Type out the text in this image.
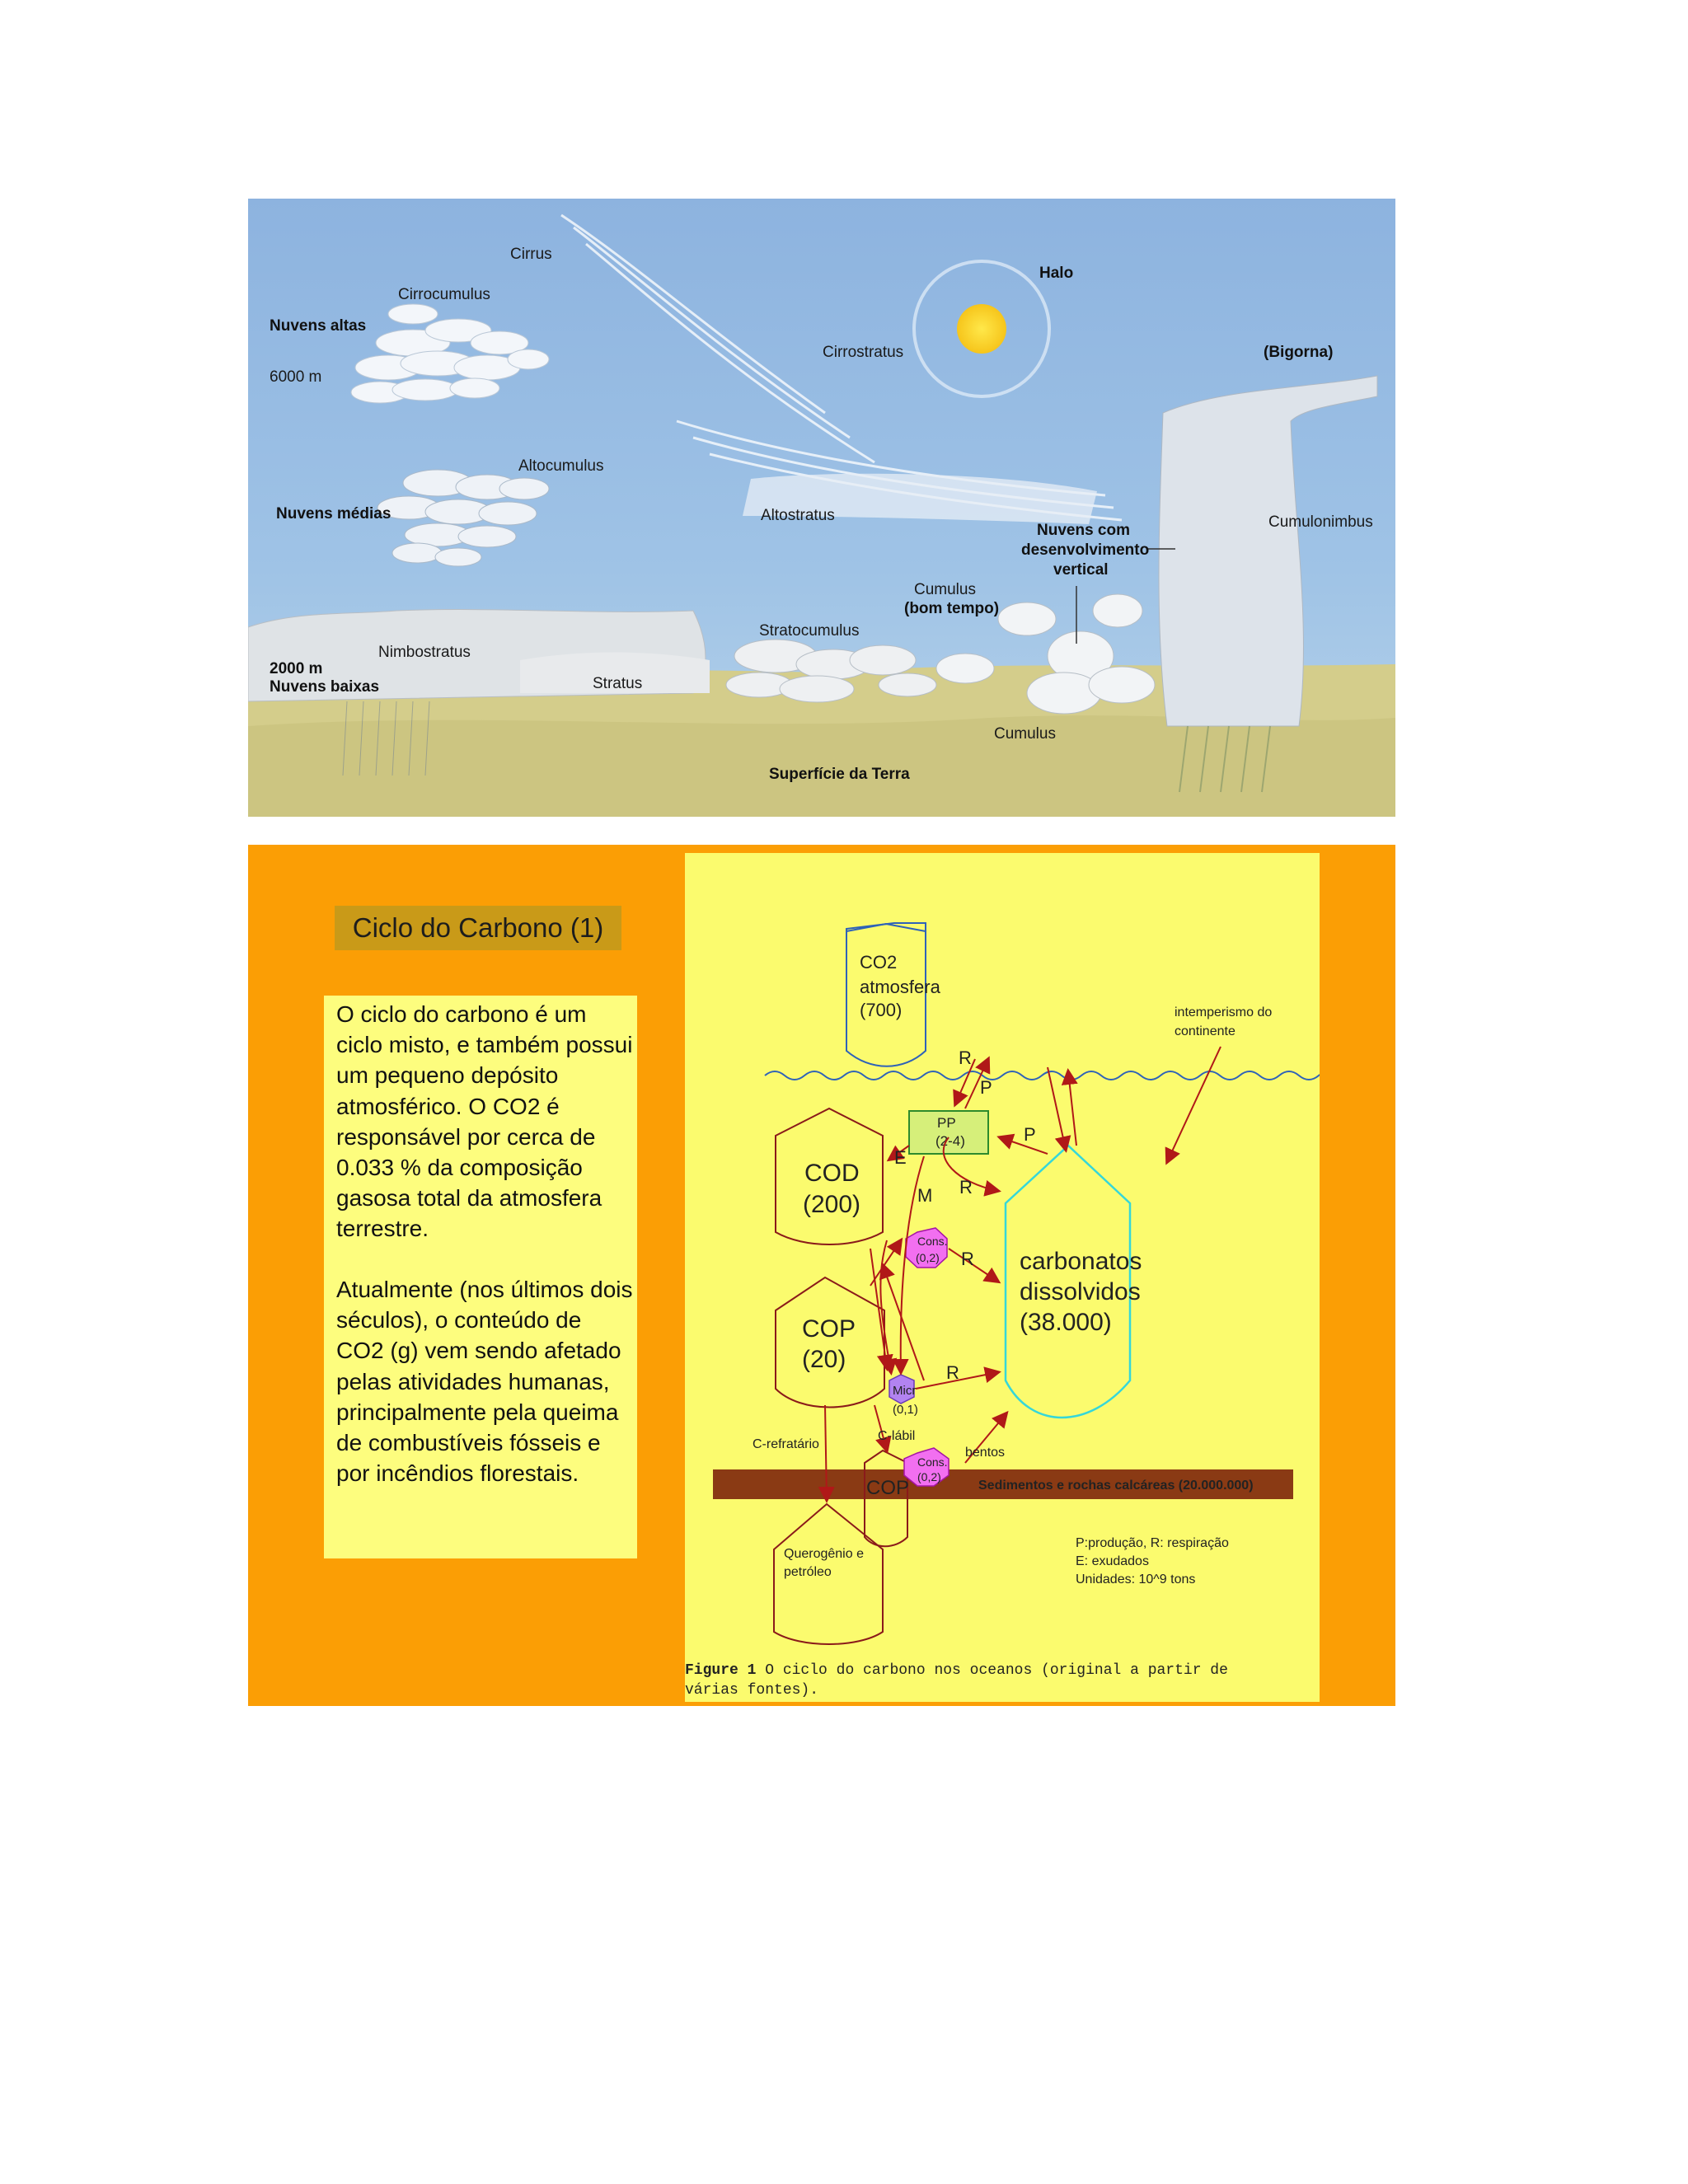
Cirrus
Cirrocumulus
Nuvens altas
6000 m
Halo
Cirrostratus	(Bigorna)
Altocumulus
Nuvens médias	Altostratus
Nuvens com
desenvolvimento
vertical
Cumulonimbus
Cumulus
(bom tempo)
Stratocumulus
Nimbostratus
2000 m
Nuvens baixas	Stratus
Cumulus
Superfície da Terra
Ciclo do Carbono (1)

O ciclo do carbono é um ciclo misto, e também possui um pequeno depósito atmosférico. O CO2 é responsável por cerca de 0.033 % da composição gasosa total da atmosfera terrestre.

Atualmente (nos últimos dois séculos), o conteúdo de CO2 (g) vem sendo afetado pelas atividades humanas, principalmente pela queima de combustíveis fósseis e por incêndios florestais.

CO2
atmosfera
(700)	intemperismo do
continente
COD
(200)
PP
(2-4)
carbonatos
dissolvidos
(38.000)
COP
(20)
Cons.
(0,2)
Micr
(0,1)
Sedimentos e rochas calcáreas (20.000.000)
COP
Cons.
(0,2)
Querogênio e
petróleo
R
P
P
E
M R
R
R
C-refratário
C-lábil
bentos
P:produção, R: respiração
E: exudados
Unidades: 10^9 tons
Figure 1 O ciclo do carbono nos oceanos (original a partir de
várias fontes).
